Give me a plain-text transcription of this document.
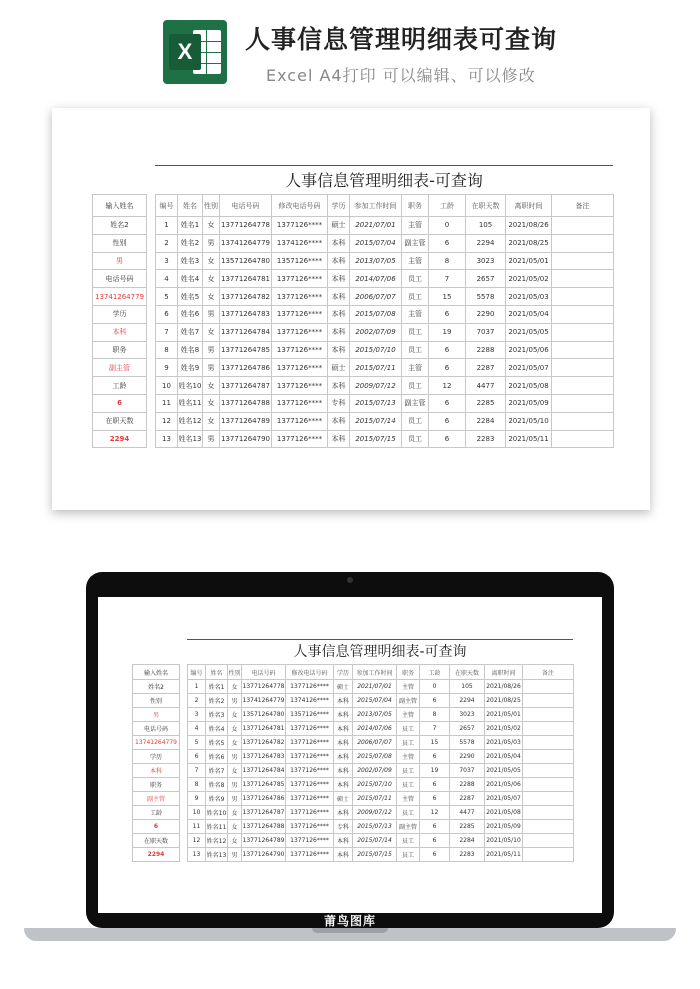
X	人事信息管理明细表可查询
Excel A4打印 可以编辑、可以修改
人事信息管理明细表-可查询
输入姓名
姓名2
性别
男
电话号码
13741264779
学历
本科
职务
副主管
工龄
6
在职天数
2294
编号	姓名	性别	电话号码	修改电话号码	学历	参加工作时间	职务	工龄	在职天数	离职时间	备注
1	姓名1	女	13771264778	1377126****	硕士	2021/07/01	主管	0	105	2021/08/26	
2	姓名2	男	13741264779	1374126****	本科	2015/07/04	副主管	6	2294	2021/08/25	
3	姓名3	女	13571264780	1357126****	本科	2013/07/05	主管	8	3023	2021/05/01	
4	姓名4	女	13771264781	1377126****	本科	2014/07/06	员工	7	2657	2021/05/02	
5	姓名5	女	13771264782	1377126****	本科	2006/07/07	员工	15	5578	2021/05/03	
6	姓名6	男	13771264783	1377126****	本科	2015/07/08	主管	6	2290	2021/05/04	
7	姓名7	女	13771264784	1377126****	本科	2002/07/09	员工	19	7037	2021/05/05	
8	姓名8	男	13771264785	1377126****	本科	2015/07/10	员工	6	2288	2021/05/06	
9	姓名9	男	13771264786	1377126****	硕士	2015/07/11	主管	6	2287	2021/05/07	
10	姓名10	女	13771264787	1377126****	本科	2009/07/12	员工	12	4477	2021/05/08	
11	姓名11	女	13771264788	1377126****	专科	2015/07/13	副主管	6	2285	2021/05/09	
12	姓名12	女	13771264789	1377126****	本科	2015/07/14	员工	6	2284	2021/05/10	
13	姓名13	男	13771264790	1377126****	本科	2015/07/15	员工	6	2283	2021/05/11	
人事信息管理明细表-可查询
输入姓名
姓名2
性别
男
电话号码
13741264779
学历
本科
职务
副主管
工龄
6
在职天数
2294
编号	姓名	性别	电话号码	修改电话号码	学历	参加工作时间	职务	工龄	在职天数	离职时间	备注
1	姓名1	女	13771264778	1377126****	硕士	2021/07/01	主管	0	105	2021/08/26	
2	姓名2	男	13741264779	1374126****	本科	2015/07/04	副主管	6	2294	2021/08/25	
3	姓名3	女	13571264780	1357126****	本科	2013/07/05	主管	8	3023	2021/05/01	
4	姓名4	女	13771264781	1377126****	本科	2014/07/06	员工	7	2657	2021/05/02	
5	姓名5	女	13771264782	1377126****	本科	2006/07/07	员工	15	5578	2021/05/03	
6	姓名6	男	13771264783	1377126****	本科	2015/07/08	主管	6	2290	2021/05/04	
7	姓名7	女	13771264784	1377126****	本科	2002/07/09	员工	19	7037	2021/05/05	
8	姓名8	男	13771264785	1377126****	本科	2015/07/10	员工	6	2288	2021/05/06	
9	姓名9	男	13771264786	1377126****	硕士	2015/07/11	主管	6	2287	2021/05/07	
10	姓名10	女	13771264787	1377126****	本科	2009/07/12	员工	12	4477	2021/05/08	
11	姓名11	女	13771264788	1377126****	专科	2015/07/13	副主管	6	2285	2021/05/09	
12	姓名12	女	13771264789	1377126****	本科	2015/07/14	员工	6	2284	2021/05/10	
13	姓名13	男	13771264790	1377126****	本科	2015/07/15	员工	6	2283	2021/05/11	
莆鸟图库
